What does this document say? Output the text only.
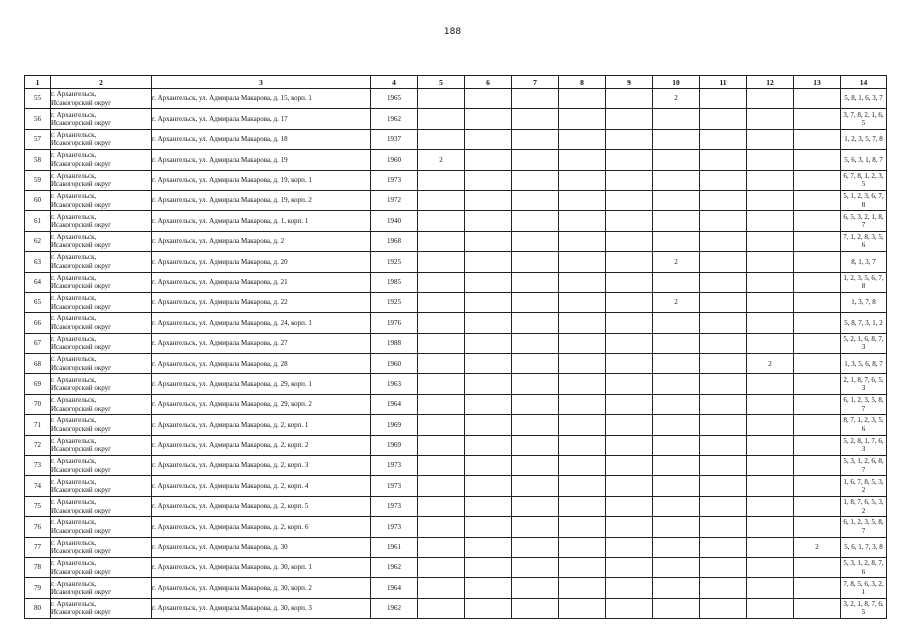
188
1	2	3	4	5	6	7	8	9	10	11	12	13	14
55	г. Архангельск,
Исакогорский округ	г. Архангельск, ул. Адмирала Макарова, д. 15, корп. 1	1965						2				5, 8, 1, 6, 3, 7
56	г. Архангельск,
Исакогорский округ	г. Архангельск, ул. Адмирала Макарова, д. 17	1962										3, 7, 8, 2, 1, 6, 5
57	г. Архангельск,
Исакогорский округ	г. Архангельск, ул. Адмирала Макарова, д. 18	1937										1, 2, 3, 5, 7, 8
58	г. Архангельск,
Исакогорский округ	г. Архангельск, ул. Адмирала Макарова, д. 19	1960	2									5, 6, 3, 1, 8, 7
59	г. Архангельск,
Исакогорский округ	г. Архангельск, ул. Адмирала Макарова, д. 19, корп. 1	1973										6, 7, 8, 1, 2, 3, 5
60	г. Архангельск,
Исакогорский округ	г. Архангельск, ул. Адмирала Макарова, д. 19, корп. 2	1972										5, 1, 2, 3, 6, 7, 8
61	г. Архангельск,
Исакогорский округ	г. Архангельск, ул. Адмирала Макарова, д. 1, корп. 1	1940										6, 5, 3, 2, 1, 8, 7
62	г. Архангельск,
Исакогорский округ	г. Архангельск, ул. Адмирала Макарова, д. 2	1968										7, 1, 2, 8, 3, 5, 6
63	г. Архангельск,
Исакогорский округ	г. Архангельск, ул. Адмирала Макарова, д. 20	1925						2				8, 1, 3, 7
64	г. Архангельск,
Исакогорский округ	г. Архангельск, ул. Адмирала Макарова, д. 21	1985										1, 2, 3, 5, 6, 7, 8
65	г. Архангельск,
Исакогорский округ	г. Архангельск, ул. Адмирала Макарова, д. 22	1925						2				1, 3, 7, 8
66	г. Архангельск,
Исакогорский округ	г. Архангельск, ул. Адмирала Макарова, д. 24, корп. 1	1976										5, 8, 7, 3, 1, 2
67	г. Архангельск,
Исакогорский округ	г. Архангельск, ул. Адмирала Макарова, д. 27	1988										5, 2, 1, 6, 8, 7, 3
68	г. Архангельск,
Исакогорский округ	г. Архангельск, ул. Адмирала Макарова, д. 28	1960								2		1, 3, 5, 6, 8, 7
69	г. Архангельск,
Исакогорский округ	г. Архангельск, ул. Адмирала Макарова, д. 29, корп. 1	1963										2, 1, 8, 7, 6, 5, 3
70	г. Архангельск,
Исакогорский округ	г. Архангельск, ул. Адмирала Макарова, д. 29, корп. 2	1964										6, 1, 2, 3, 5, 8, 7
71	г. Архангельск,
Исакогорский округ	г. Архангельск, ул. Адмирала Макарова, д. 2, корп. 1	1969										8, 7, 1, 2, 3, 5, 6
72	г. Архангельск,
Исакогорский округ	г. Архангельск, ул. Адмирала Макарова, д. 2, корп. 2	1969										5, 2, 8, 1, 7, 6, 3
73	г. Архангельск,
Исакогорский округ	г. Архангельск, ул. Адмирала Макарова, д. 2, корп. 3	1973										5, 3, 1, 2, 6, 8, 7
74	г. Архангельск,
Исакогорский округ	г. Архангельск, ул. Адмирала Макарова, д. 2, корп. 4	1973										1, 6, 7, 8, 5, 3, 2
75	г. Архангельск,
Исакогорский округ	г. Архангельск, ул. Адмирала Макарова, д. 2, корп. 5	1973										1, 8, 7, 6, 5, 3, 2
76	г. Архангельск,
Исакогорский округ	г. Архангельск, ул. Адмирала Макарова, д. 2, корп. 6	1973										6, 1, 2, 3, 5, 8, 7
77	г. Архангельск,
Исакогорский округ	г. Архангельск, ул. Адмирала Макарова, д. 30	1961									2	5, 6, 1, 7, 3, 8
78	г. Архангельск,
Исакогорский округ	г. Архангельск, ул. Адмирала Макарова, д. 30, корп. 1	1962										5, 3, 1, 2, 8, 7, 6
79	г. Архангельск,
Исакогорский округ	г. Архангельск, ул. Адмирала Макарова, д. 30, корп. 2	1964										7, 8, 5, 6, 3, 2, 1
80	г. Архангельск,
Исакогорский округ	г. Архангельск, ул. Адмирала Макарова, д. 30, корп. 3	1962										3, 2, 1, 8, 7, 6, 5
